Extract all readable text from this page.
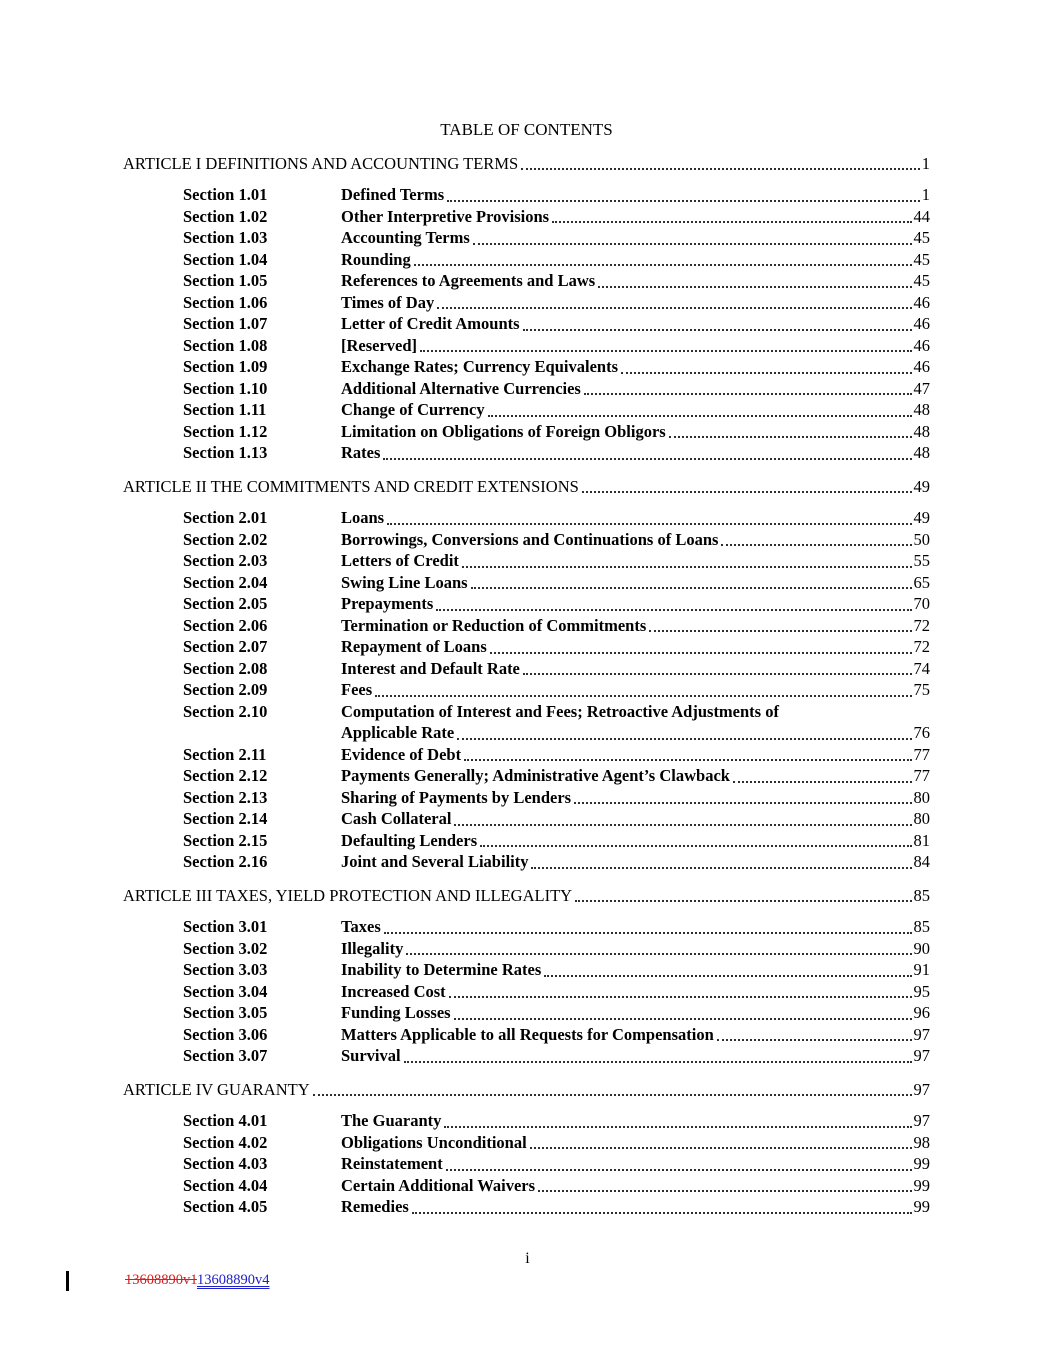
TABLE OF CONTENTS
ARTICLE I DEFINITIONS AND ACCOUNTING TERMS	1
Section 1.01	Defined Terms	1
Section 1.02	Other Interpretive Provisions	44
Section 1.03	Accounting Terms	45
Section 1.04	Rounding	45
Section 1.05	References to Agreements and Laws	45
Section 1.06	Times of Day	46
Section 1.07	Letter of Credit Amounts	46
Section 1.08	[Reserved]	46
Section 1.09	Exchange Rates; Currency Equivalents	46
Section 1.10	Additional Alternative Currencies	47
Section 1.11	Change of Currency	48
Section 1.12	Limitation on Obligations of Foreign Obligors	48
Section 1.13	Rates	48
ARTICLE II THE COMMITMENTS AND CREDIT EXTENSIONS	49
Section 2.01	Loans	49
Section 2.02	Borrowings, Conversions and Continuations of Loans	50
Section 2.03	Letters of Credit	55
Section 2.04	Swing Line Loans	65
Section 2.05	Prepayments	70
Section 2.06	Termination or Reduction of Commitments	72
Section 2.07	Repayment of Loans	72
Section 2.08	Interest and Default Rate	74
Section 2.09	Fees	75
Section 2.10	Computation of Interest and Fees; Retroactive Adjustments of
Applicable Rate	76
Section 2.11	Evidence of Debt	77
Section 2.12	Payments Generally; Administrative Agent’s Clawback	77
Section 2.13	Sharing of Payments by Lenders	80
Section 2.14	Cash Collateral	80
Section 2.15	Defaulting Lenders	81
Section 2.16	Joint and Several Liability	84
ARTICLE III TAXES, YIELD PROTECTION AND ILLEGALITY	85
Section 3.01	Taxes	85
Section 3.02	Illegality	90
Section 3.03	Inability to Determine Rates	91
Section 3.04	Increased Cost	95
Section 3.05	Funding Losses	96
Section 3.06	Matters Applicable to all Requests for Compensation	97
Section 3.07	Survival	97
ARTICLE IV GUARANTY	97
Section 4.01	The Guaranty	97
Section 4.02	Obligations Unconditional	98
Section 4.03	Reinstatement	99
Section 4.04	Certain Additional Waivers	99
Section 4.05	Remedies	99
i
13608890v113608890v4
